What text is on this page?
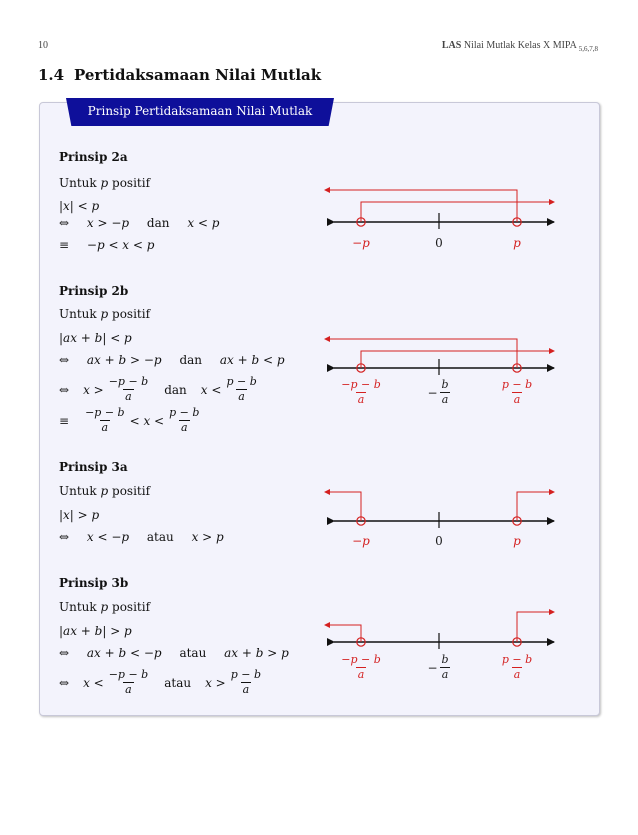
10	LAS Nilai Mutlak Kelas X MIPA $_{5,6,7,8}$
1.4 Pertidaksamaan Nilai Mutlak
Prinsip Pertidaksamaan Nilai Mutlak
Prinsip 2a
Untuk p positif
|x| < p
⇔ x > −p dan x < p
≡ −p < x < p
Prinsip 2b
Untuk p positif
|ax + b| < p
⇔ ax + b > −p dan ax + b < p
⇔ $x > \frac{-p - b}{a}$ dan $x < \frac{p - b}{a}$
≡ $\frac{-p - b}{a} < x < \frac{p - b}{a}$
Prinsip 3a
Untuk p positif
|x| > p
⇔ x < −p atau x > p
Prinsip 3b
Untuk p positif
|ax + b| > p
⇔ ax + b < −p atau ax + b > p
⇔ $x < \frac{-p - b}{a}$ atau $x > \frac{p - b}{a}$
−p	0	p
$\frac{-p - b}{a}$	− $\frac{b}{a}$	$\frac{p - b}{a}$
−p	0	p
$\frac{-p - b}{a}$	− $\frac{b}{a}$	$\frac{p - b}{a}$
